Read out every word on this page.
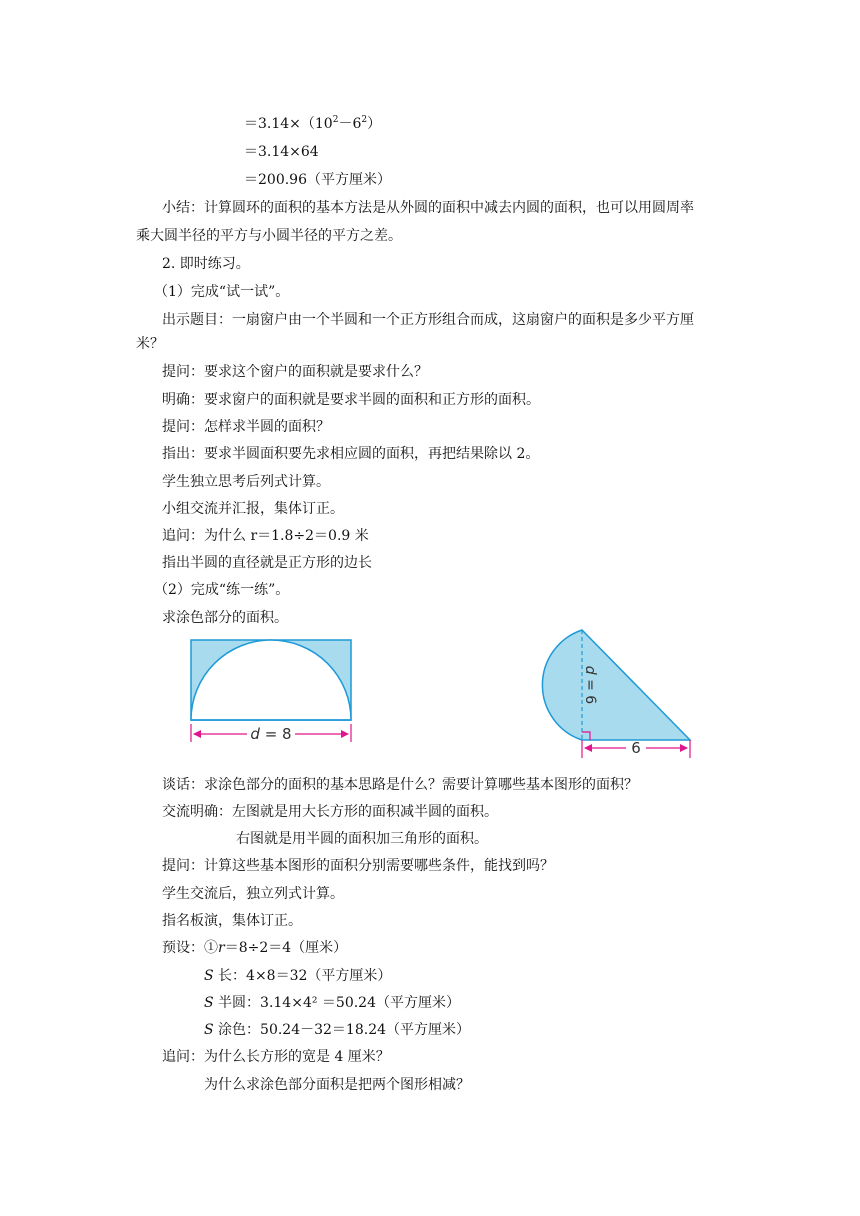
$=3.14\times(10^2-6^2)$
＝3.14×64
＝200.96（平方厘米）
小结：计算圆环的面积的基本方法是从外圆的面积中减去内圆的面积，也可以用圆周率
乘大圆半径的平方与小圆半径的平方之差。
2. 即时练习。
（1）完成“试一试”。
出示题目：一扇窗户由一个半圆和一个正方形组合而成，这扇窗户的面积是多少平方厘
米？
提问：要求这个窗户的面积就是要求什么？
明确：要求窗户的面积就是要求半圆的面积和正方形的面积。
提问：怎样求半圆的面积？
指出：要求半圆面积要先求相应圆的面积，再把结果除以 2。
学生独立思考后列式计算。
小组交流并汇报，集体订正。
追问：为什么 r＝1.8÷2＝0.9 米
指出半圆的直径就是正方形的边长
（2）完成“练一练”。
求涂色部分的面积。
d = 8
d = 6
6
谈话：求涂色部分的面积的基本思路是什么？需要计算哪些基本图形的面积？
交流明确：左图就是用大长方形的面积减半圆的面积。
右图就是用半圆的面积加三角形的面积。
提问：计算这些基本图形的面积分别需要哪些条件，能找到吗？
学生交流后，独立列式计算。
指名板演，集体订正。
预设：①r＝8÷2＝4（厘米）
S 长：4×8＝32（平方厘米）
S 半圆：3.14×4² ＝50.24（平方厘米）
S 涂色：50.24－32＝18.24（平方厘米）
追问：为什么长方形的宽是 4 厘米？
为什么求涂色部分面积是把两个图形相减？
